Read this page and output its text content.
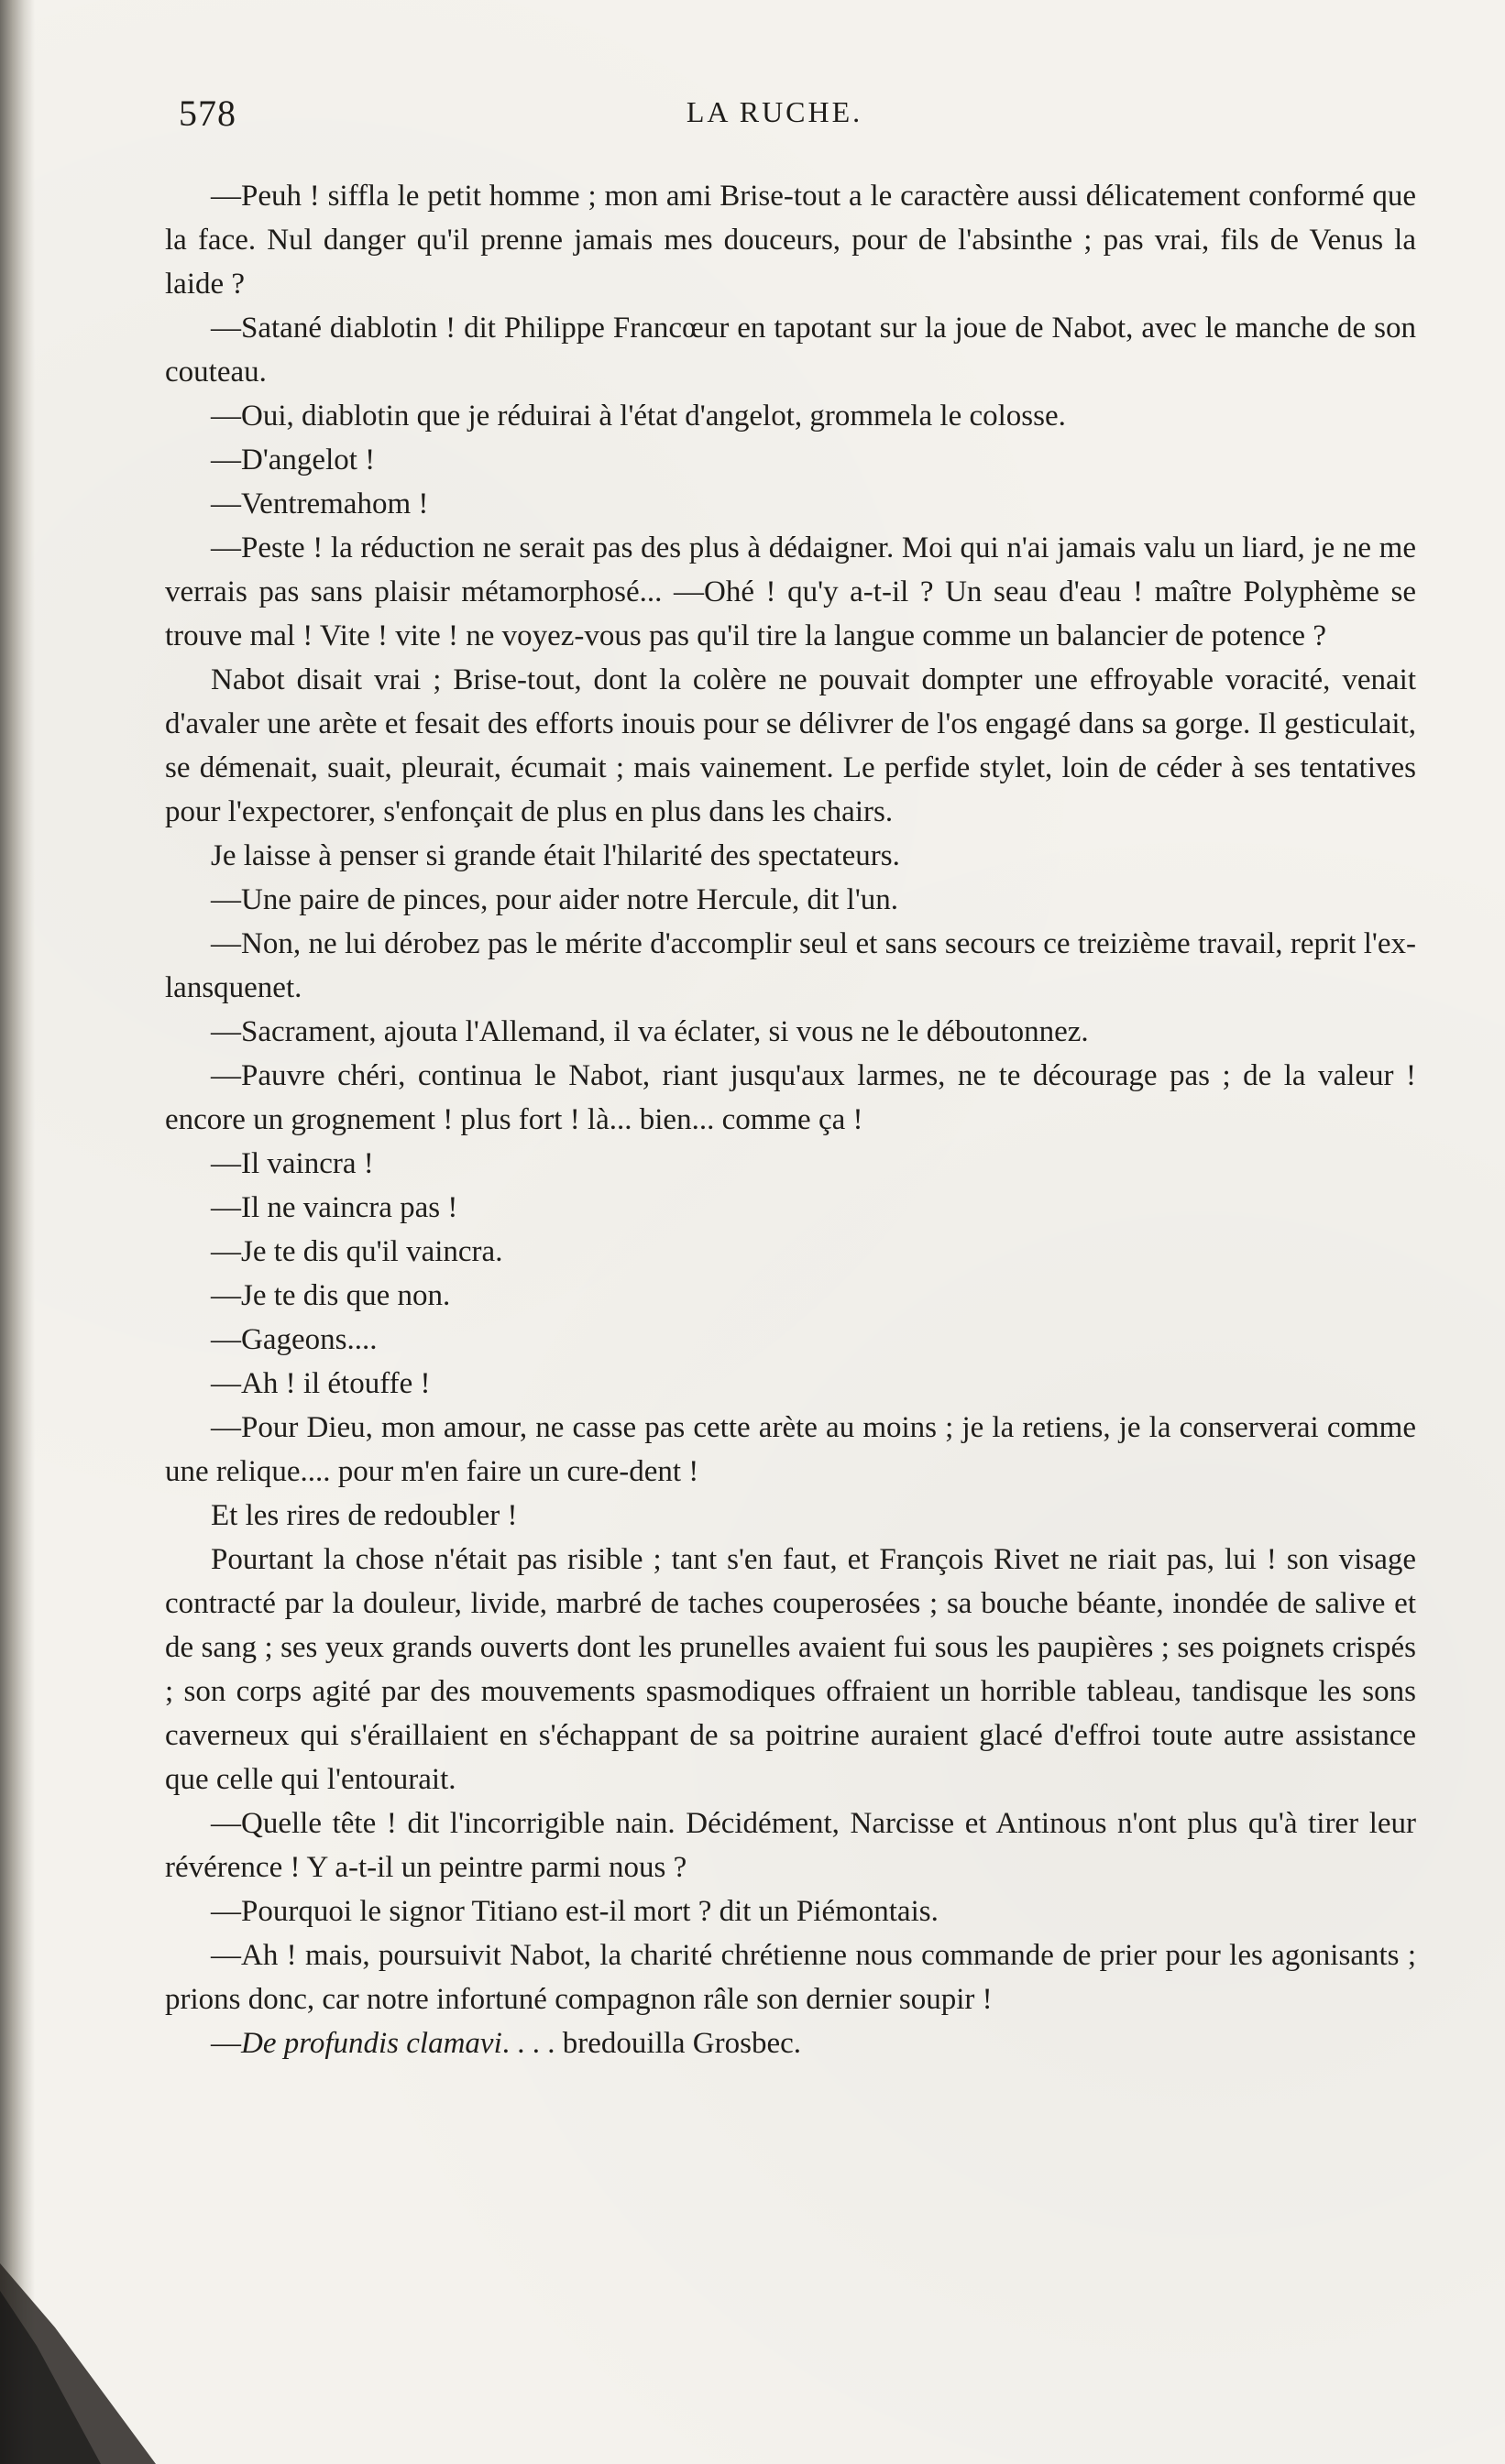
578	LA RUCHE.

—Peuh ! siffla le petit homme ; mon ami Brise-tout a le caractère aussi délicatement conformé que la face. Nul danger qu'il prenne jamais mes douceurs, pour de l'absinthe ; pas vrai, fils de Venus la laide ?

—Satané diablotin ! dit Philippe Francœur en tapotant sur la joue de Nabot, avec le manche de son couteau.

—Oui, diablotin que je réduirai à l'état d'angelot, grommela le colosse.

—D'angelot !

—Ventremahom !

—Peste ! la réduction ne serait pas des plus à dédaigner. Moi qui n'ai jamais valu un liard, je ne me verrais pas sans plaisir métamorphosé... —Ohé ! qu'y a-t-il ? Un seau d'eau ! maître Polyphème se trouve mal ! Vite ! vite ! ne voyez-vous pas qu'il tire la langue comme un balancier de potence ?

Nabot disait vrai ; Brise-tout, dont la colère ne pouvait dompter une effroyable voracité, venait d'avaler une arète et fesait des efforts inouis pour se délivrer de l'os engagé dans sa gorge. Il gesticulait, se démenait, suait, pleurait, écumait ; mais vainement. Le perfide stylet, loin de céder à ses tentatives pour l'expectorer, s'enfonçait de plus en plus dans les chairs.

Je laisse à penser si grande était l'hilarité des spectateurs.

—Une paire de pinces, pour aider notre Hercule, dit l'un.

—Non, ne lui dérobez pas le mérite d'accomplir seul et sans secours ce treizième travail, reprit l'ex-lansquenet.

—Sacrament, ajouta l'Allemand, il va éclater, si vous ne le déboutonnez.

—Pauvre chéri, continua le Nabot, riant jusqu'aux larmes, ne te décourage pas ; de la valeur ! encore un grognement ! plus fort ! là... bien... comme ça !

—Il vaincra !

—Il ne vaincra pas !

—Je te dis qu'il vaincra.

—Je te dis que non.

—Gageons....

—Ah ! il étouffe !

—Pour Dieu, mon amour, ne casse pas cette arète au moins ; je la retiens, je la conserverai comme une relique.... pour m'en faire un cure-dent !

Et les rires de redoubler !

Pourtant la chose n'était pas risible ; tant s'en faut, et François Rivet ne riait pas, lui ! son visage contracté par la douleur, livide, marbré de taches couperosées ; sa bouche béante, inondée de salive et de sang ; ses yeux grands ouverts dont les prunelles avaient fui sous les paupières ; ses poignets crispés ; son corps agité par des mouvements spasmodiques offraient un horrible tableau, tandisque les sons caverneux qui s'éraillaient en s'échappant de sa poitrine auraient glacé d'effroi toute autre assistance que celle qui l'entourait.

—Quelle tête ! dit l'incorrigible nain. Décidément, Narcisse et Antinous n'ont plus qu'à tirer leur révérence ! Y a-t-il un peintre parmi nous ?

—Pourquoi le signor Titiano est-il mort ? dit un Piémontais.

—Ah ! mais, poursuivit Nabot, la charité chrétienne nous commande de prier pour les agonisants ; prions donc, car notre infortuné compagnon râle son dernier soupir !

—De profundis clamavi. . . . bredouilla Grosbec.
